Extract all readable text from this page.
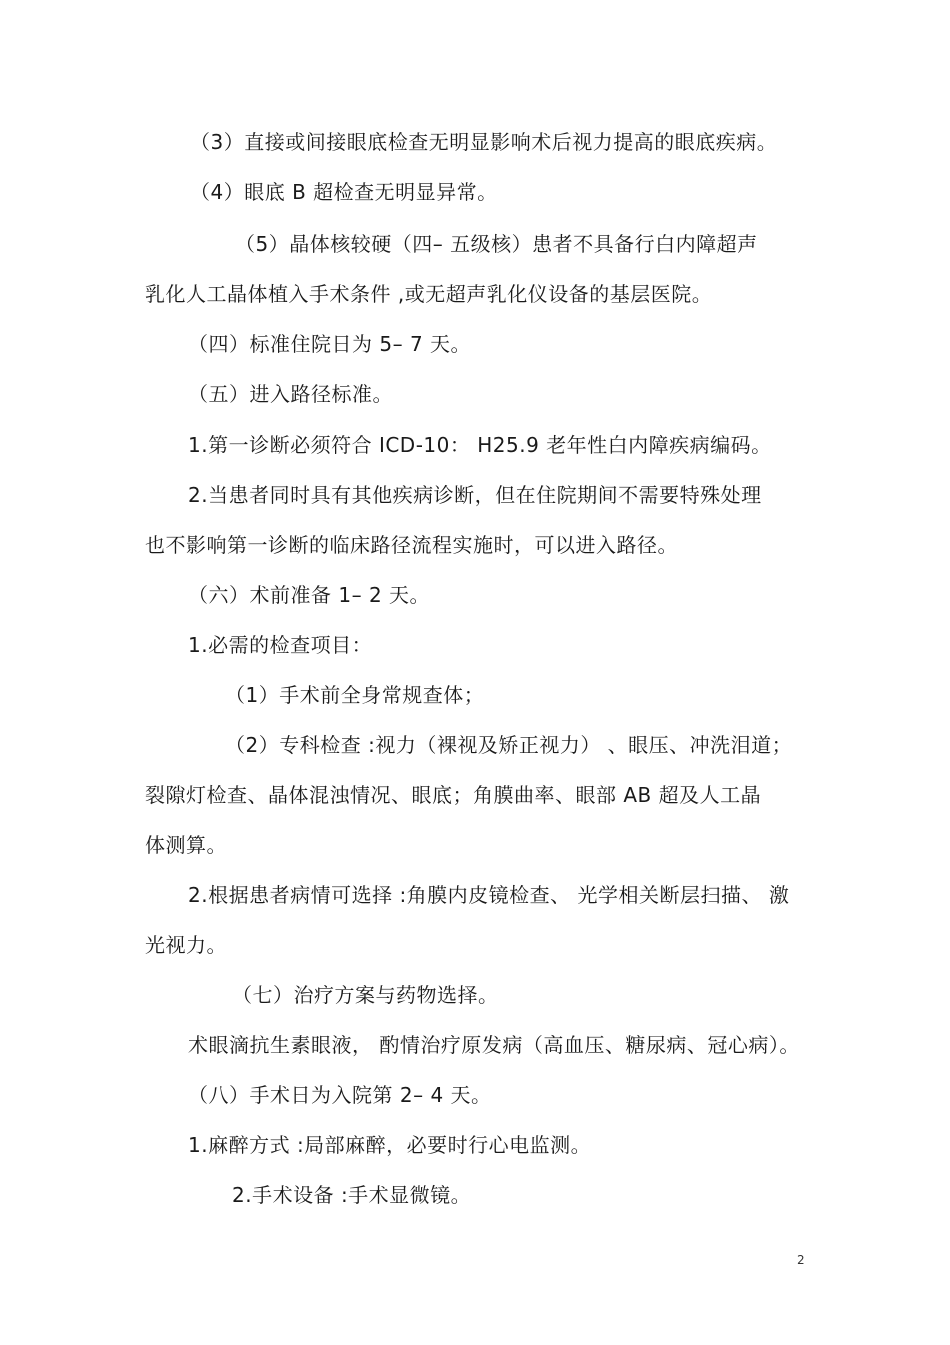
（3）直接或间接眼底检查无明显影响术后视力提高的眼底疾病。
（4）眼底 B 超检查无明显异常。
（5）晶体核较硬（四– 五级核）患者不具备行白内障超声
乳化人工晶体植入手术条件 ,或无超声乳化仪设备的基层医院。
（四）标准住院日为 5– 7 天。
（五）进入路径标准。
1.第一诊断必须符合 ICD-10： H25.9 老年性白内障疾病编码。
2.当患者同时具有其他疾病诊断，但在住院期间不需要特殊处理
也不影响第一诊断的临床路径流程实施时，可以进入路径。
（六）术前准备 1– 2 天。
1.必需的检查项目：
（1）手术前全身常规查体；
（2）专科检查 :视力（裸视及矫正视力） 、眼压、冲洗泪道；
裂隙灯检查、晶体混浊情况、眼底；角膜曲率、眼部 AB 超及人工晶
体测算。
2.根据患者病情可选择 :角膜内皮镜检查、 光学相关断层扫描、 激
光视力。
（七）治疗方案与药物选择。
术眼滴抗生素眼液， 酌情治疗原发病（高血压、糖尿病、冠心病）。
（八）手术日为入院第 2– 4 天。
1.麻醉方式 :局部麻醉，必要时行心电监测。
2.手术设备 :手术显微镜。
2
